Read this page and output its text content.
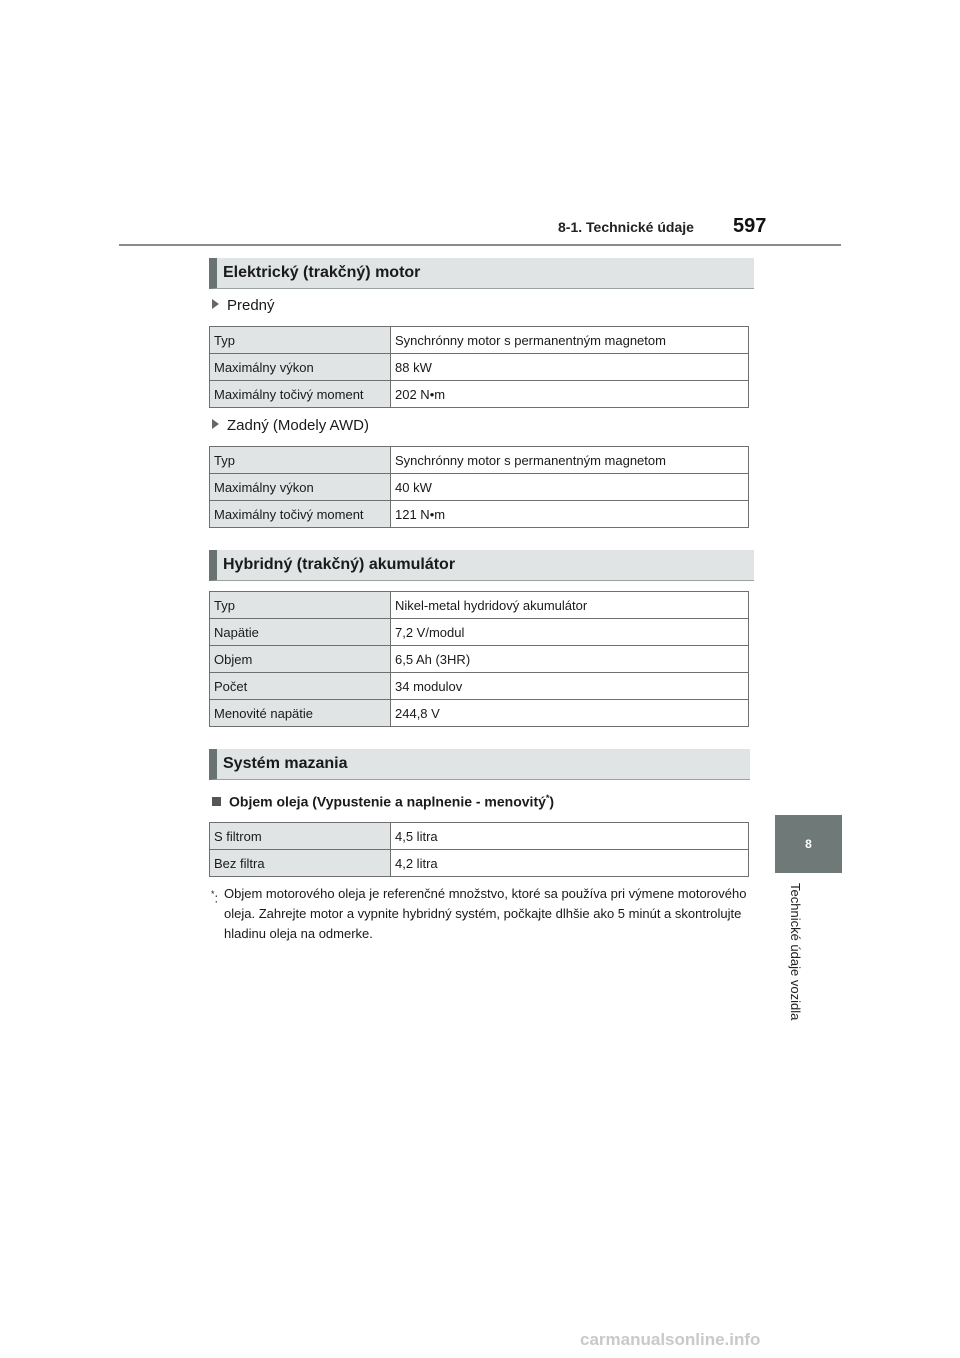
8-1. Technické údaje 597
8
Technické údaje vozidla
Elektrický (trakčný) motor
Predný
Typ	Synchrónny motor s permanentným magnetom
Maximálny výkon	88 kW
Maximálny točivý moment	202 N•m
Zadný (Modely AWD)
Typ	Synchrónny motor s permanentným magnetom
Maximálny výkon	40 kW
Maximálny točivý moment	121 N•m
Hybridný (trakčný) akumulátor
Typ	Nikel-metal hydridový akumulátor
Napätie	7,2 V/modul
Objem	6,5 Ah (3HR)
Počet	34 modulov
Menovité napätie	244,8 V
Systém mazania
Objem oleja (Vypustenie a naplnenie - menovitý*)
S filtrom	4,5 litra
Bez filtra	4,2 litra
*: Objem motorového oleja je referenčné množstvo, ktoré sa používa pri výmene motorového oleja. Zahrejte motor a vypnite hybridný systém, počkajte dlhšie ako 5 minút a skontrolujte hladinu oleja na odmerke.
carmanualsonline.info
